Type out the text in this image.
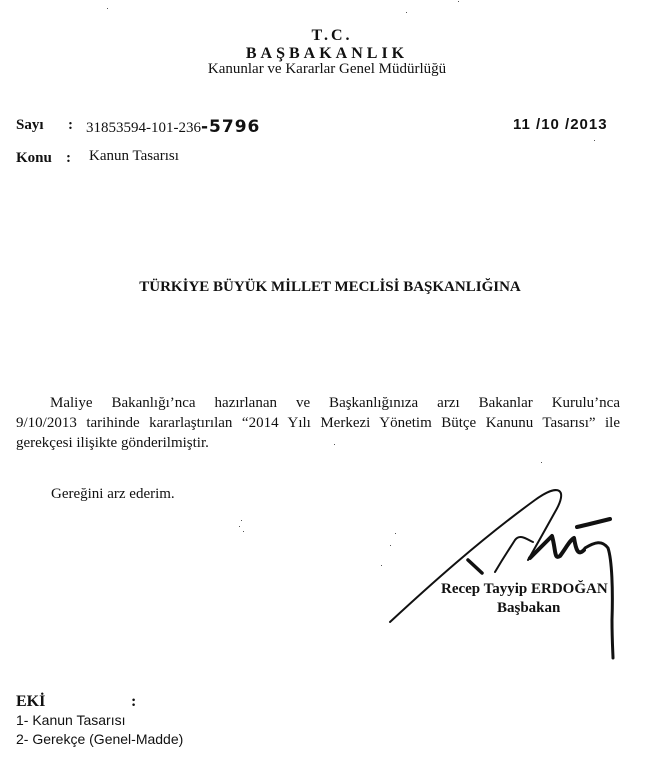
T.C.
BAŞBAKANLIK
Kanunlar ve Kararlar Genel Müdürlüğü
Sayı : 31853594-101-236-5796	11 /10 /2013
Konu : Kanun Tasarısı
TÜRKİYE BÜYÜK MİLLET MECLİSİ BAŞKANLIĞINA
Maliye Bakanlığı’nca hazırlanan ve Başkanlığınıza arzı Bakanlar Kurulu’nca
9/10/2013 tarihinde kararlaştırılan “2014 Yılı Merkezi Yönetim Bütçe Kanunu Tasarısı” ile
gerekçesi ilişikte gönderilmiştir.
Gereğini arz ederim.
Recep Tayyip ERDOĞAN
Başbakan
EKİ	:
1- Kanun Tasarısı
2- Gerekçe (Genel-Madde)
